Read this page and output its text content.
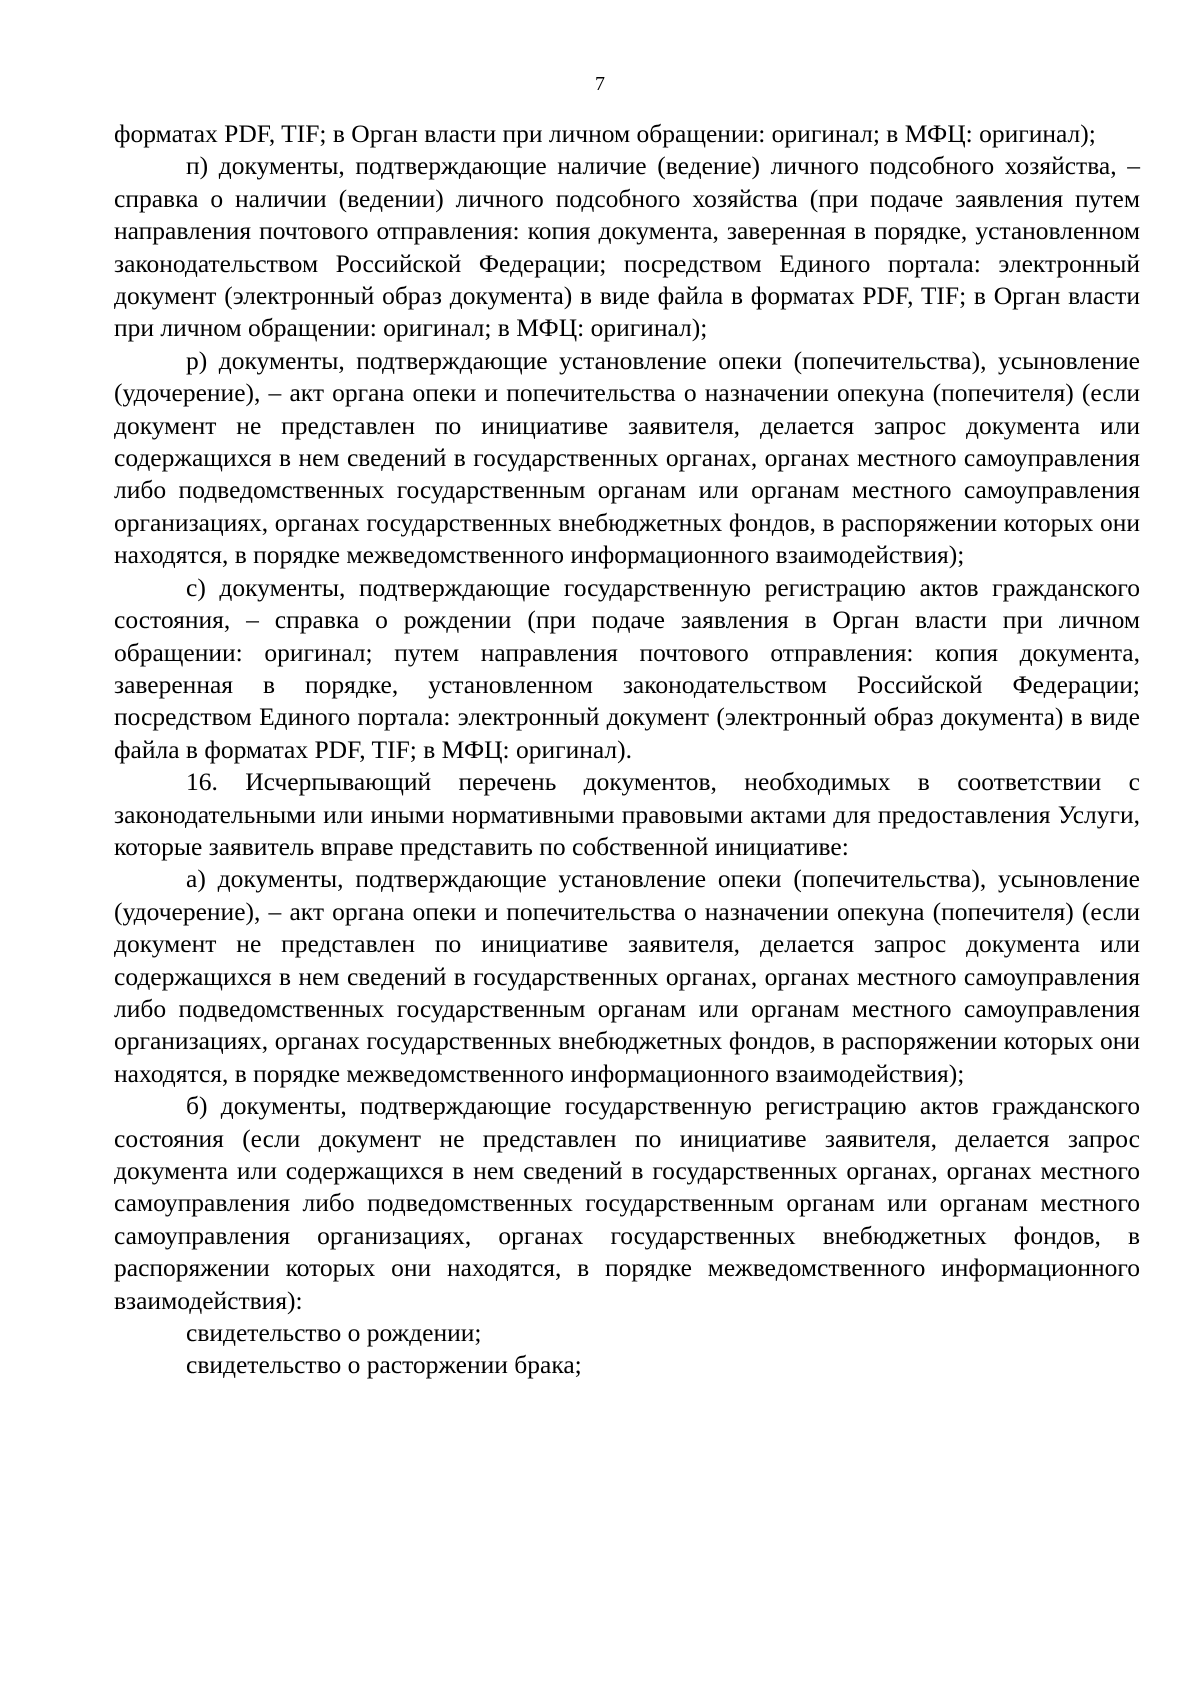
7

форматах PDF, TIF; в Орган власти при личном обращении: оригинал; в МФЦ: оригинал);

п) документы, подтверждающие наличие (ведение) личного подсобного хозяйства, – справка о наличии (ведении) личного подсобного хозяйства (при подаче заявления путем направления почтового отправления: копия документа, заверенная в порядке, установленном законодательством Российской Федерации; посредством Единого портала: электронный документ (электронный образ документа) в виде файла в форматах PDF, TIF; в Орган власти при личном обращении: оригинал; в МФЦ: оригинал);

р) документы, подтверждающие установление опеки (попечительства), усыновление (удочерение), – акт органа опеки и попечительства о назначении опекуна (попечителя) (если документ не представлен по инициативе заявителя, делается запрос документа или содержащихся в нем сведений в государственных органах, органах местного самоуправления либо подведомственных государственным органам или органам местного самоуправления организациях, органах государственных внебюджетных фондов, в распоряжении которых они находятся, в порядке межведомственного информационного взаимодействия);

с) документы, подтверждающие государственную регистрацию актов гражданского состояния, – справка о рождении (при подаче заявления в Орган власти при личном обращении: оригинал; путем направления почтового отправления: копия документа, заверенная в порядке, установленном законодательством Российской Федерации; посредством Единого портала: электронный документ (электронный образ документа) в виде файла в форматах PDF, TIF; в МФЦ: оригинал).

16. Исчерпывающий перечень документов, необходимых в соответствии с законодательными или иными нормативными правовыми актами для предоставления Услуги, которые заявитель вправе представить по собственной инициативе:

а) документы, подтверждающие установление опеки (попечительства), усыновление (удочерение), – акт органа опеки и попечительства о назначении опекуна (попечителя) (если документ не представлен по инициативе заявителя, делается запрос документа или содержащихся в нем сведений в государственных органах, органах местного самоуправления либо подведомственных государственным органам или органам местного самоуправления организациях, органах государственных внебюджетных фондов, в распоряжении которых они находятся, в порядке межведомственного информационного взаимодействия);

б) документы, подтверждающие государственную регистрацию актов гражданского состояния (если документ не представлен по инициативе заявителя, делается запрос документа или содержащихся в нем сведений в государственных органах, органах местного самоуправления либо подведомственных государственным органам или органам местного самоуправления организациях, органах государственных внебюджетных фондов, в распоряжении которых они находятся, в порядке межведомственного информационного взаимодействия):

свидетельство о рождении;

свидетельство о расторжении брака;
